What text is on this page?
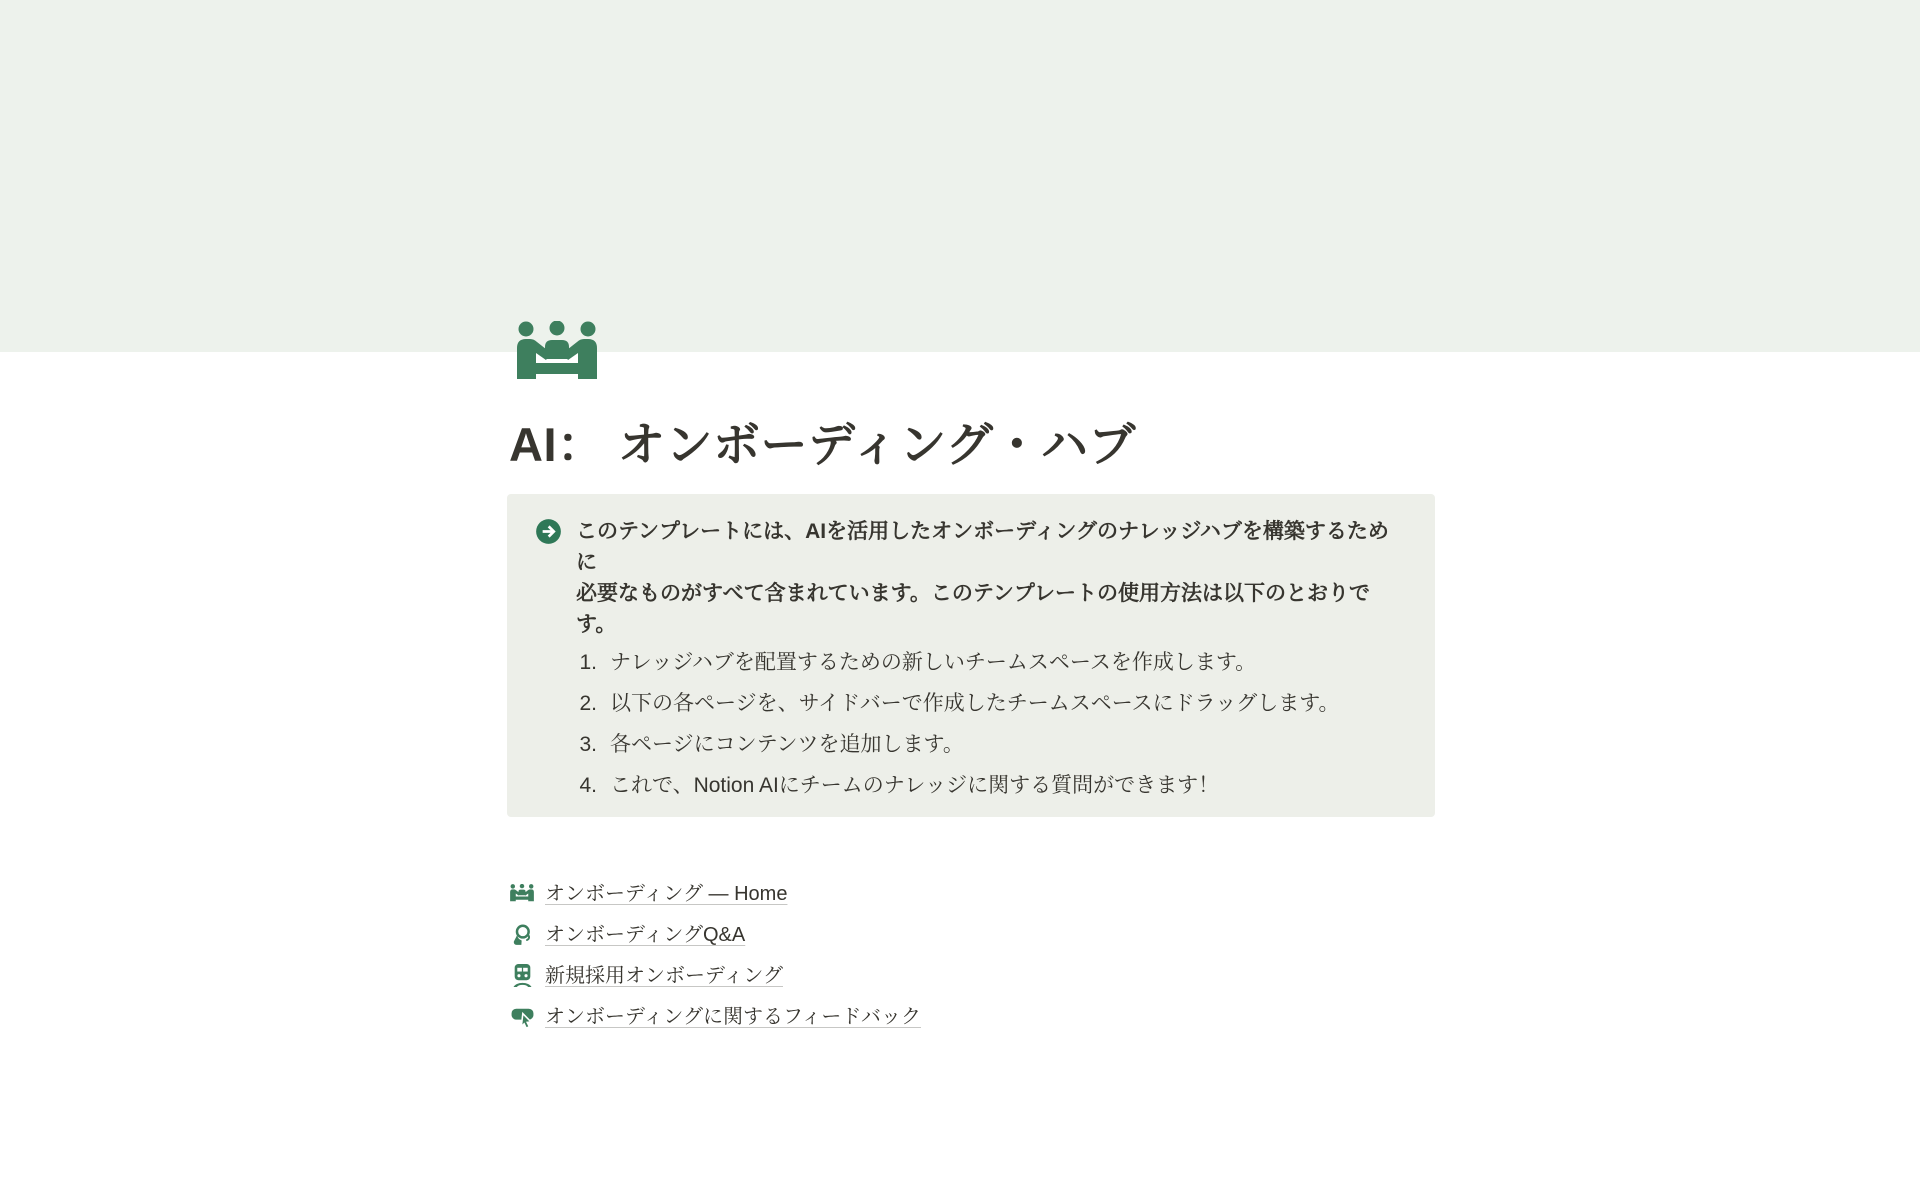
AI： オンボーディング・ハブ
このテンプレートには、AIを活用したオンボーディングのナレッジハブを構築するために
必要なものがすべて含まれています。このテンプレートの使用方法は以下のとおりです。
1. ナレッジハブを配置するための新しいチームスペースを作成します。
2. 以下の各ページを、サイドバーで作成したチームスペースにドラッグします。
3. 各ページにコンテンツを追加します。
4. これで、Notion AIにチームのナレッジに関する質問ができます！
オンボーディング — Home
オンボーディングQ&A
新規採用オンボーディング
オンボーディングに関するフィードバック
